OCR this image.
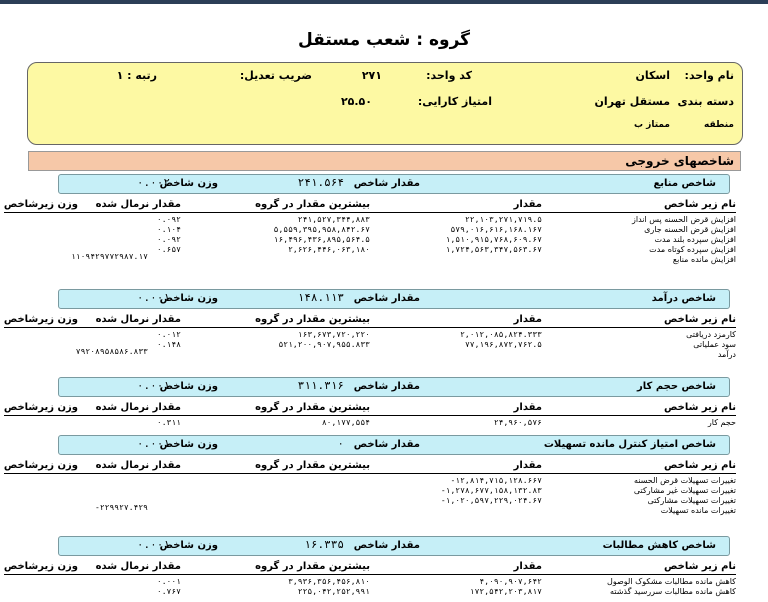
گروه : شعب مستقل
نام واحد:
اسکان
کد واحد:
۲۷۱
ضریب تعدیل:
رتبه : ۱
دسته بندی
مستقل تهران
امتیاز کارایی:
۲۵.۵۰
منطقه
ممتاز ب
شاخصهای خروجی
شاخص منابع
مقدار شاخص
۲۴۱.۵۶۴
وزن شاخص
۰.۰۰۲
نام زیر شاخص
مقدار
بیشترین مقدار در گروه
مقدار نرمال شده
وزن زیرشاخص
افزایش قرض الحسنه پس انداز
۲۲,۱۰۳,۲۷۱,۷۱۹.۵
۲۴۱,۵۲۷,۳۴۴,۸۸۳
۰.۰۹۲
افزایش قرض الحسنه جاری
۵۷۹,۰۱۶,۶۱۶,۱۶۸.۱۶۷
۵,۵۵۹,۳۹۵,۹۵۸,۸۴۲.۶۷
۰.۱۰۴
افزایش سپرده بلند مدت
۱,۵۱۰,۹۱۵,۷۶۸,۶۰۹.۶۷
۱۶,۴۹۶,۴۳۶,۸۹۵,۵۶۴.۵
۰.۰۹۲
افزایش سپرده کوتاه مدت
۱,۷۲۴,۵۶۳,۳۴۷,۵۶۳.۶۷
۲,۶۲۶,۴۴۶,۰۶۳,۱۸۰
۰.۶۵۷
افزایش مانده منابع
۱۱۰۹۴۲۹۷۷۲۹۸۷.۱۷
شاخص درآمد
مقدار شاخص
۱۴۸.۱۱۳
وزن شاخص
۰.۰۰۱
نام زیر شاخص
مقدار
بیشترین مقدار در گروه
مقدار نرمال شده
وزن زیرشاخص
کارمزد دریافتی
۲,۰۱۲,۰۸۵,۸۲۴.۳۳۳
۱۶۳,۶۷۳,۷۲۰,۲۲۰
۰.۰۱۲
سود عملیاتی
۷۷,۱۹۶,۸۷۲,۷۶۲.۵
۵۲۱,۲۰۰,۹۰۷,۹۵۵.۸۳۳
۰.۱۴۸
درآمد
۷۹۲۰۸۹۵۸۵۸۶.۸۳۳
شاخص حجم کار
مقدار شاخص
۳۱۱.۳۱۶
وزن شاخص
۰.۰۰۱
نام زیر شاخص
مقدار
بیشترین مقدار در گروه
مقدار نرمال شده
وزن زیرشاخص
حجم کار
۲۴,۹۶۰,۵۷۶
۸۰,۱۷۷,۵۵۴
۰.۳۱۱
شاخص امتیاز کنترل مانده تسهیلات
مقدار شاخص
۰
وزن شاخص
۰.۰۰۱
نام زیر شاخص
مقدار
بیشترین مقدار در گروه
مقدار نرمال شده
وزن زیرشاخص
تغییرات تسهیلات قرض الحسنه
-۱۲,۸۱۴,۷۱۵,۱۲۸.۶۶۷
تغییرات تسهیلات غیر مشارکتی
-۱,۲۷۸,۶۷۷,۱۵۸,۱۳۲.۸۳
تغییرات تسهیلات مشارکتی
-۱,۰۲۰,۵۹۷,۲۲۹,۰۲۴.۶۷
تغییرات مانده تسهیلات
-۲۲۹۹۲۷.۴۲۹
شاخص کاهش مطالبات
مقدار شاخص
۱۶.۳۳۵
وزن شاخص
۰.۰۰۱
نام زیر شاخص
مقدار
بیشترین مقدار در گروه
مقدار نرمال شده
وزن زیرشاخص
کاهش مانده مطالبات مشکوک الوصول
۴,۰۹۰,۹۰۷,۶۴۲
۳,۹۳۶,۳۵۶,۴۵۶,۸۱۰
۰.۰۰۱
کاهش مانده مطالبات سررسید گذشته
۱۷۲,۵۴۲,۲۰۳,۸۱۷
۲۲۵,۰۴۲,۲۵۲,۹۹۱
۰.۷۶۷
